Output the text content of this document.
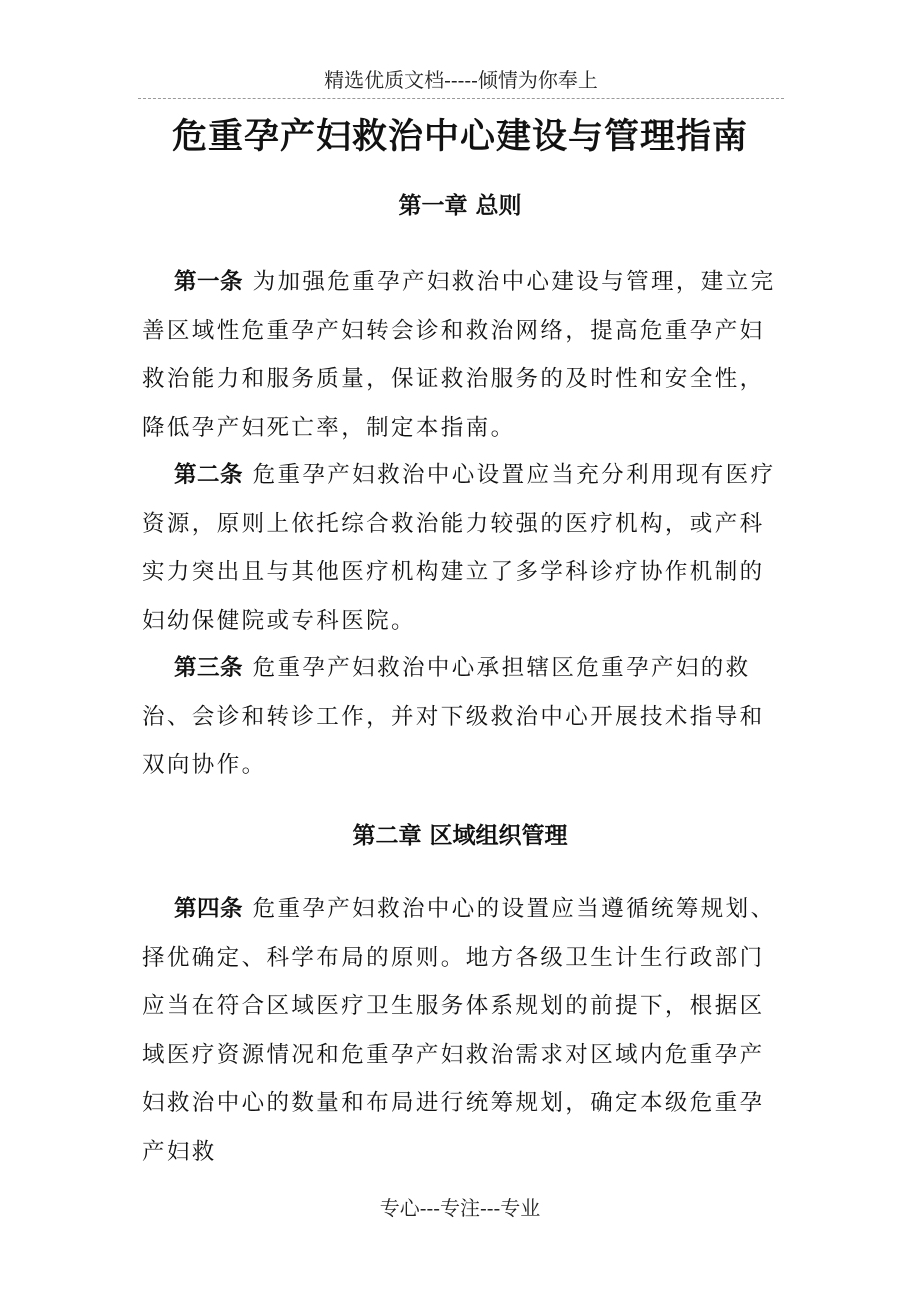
精选优质文档-----倾情为你奉上
危重孕产妇救治中心建设与管理指南
第一章 总则

第一条 为加强危重孕产妇救治中心建设与管理，建立完善区域性危重孕产妇转会诊和救治网络，提高危重孕产妇救治能力和服务质量，保证救治服务的及时性和安全性，降低孕产妇死亡率，制定本指南。

第二条 危重孕产妇救治中心设置应当充分利用现有医疗资源，原则上依托综合救治能力较强的医疗机构，或产科实力突出且与其他医疗机构建立了多学科诊疗协作机制的妇幼保健院或专科医院。

第三条 危重孕产妇救治中心承担辖区危重孕产妇的救治、会诊和转诊工作，并对下级救治中心开展技术指导和双向协作。

第二章 区域组织管理

第四条 危重孕产妇救治中心的设置应当遵循统筹规划、择优确定、科学布局的原则。地方各级卫生计生行政部门应当在符合区域医疗卫生服务体系规划的前提下，根据区域医疗资源情况和危重孕产妇救治需求对区域内危重孕产妇救治中心的数量和布局进行统筹规划，确定本级危重孕产妇救

专心---专注---专业
